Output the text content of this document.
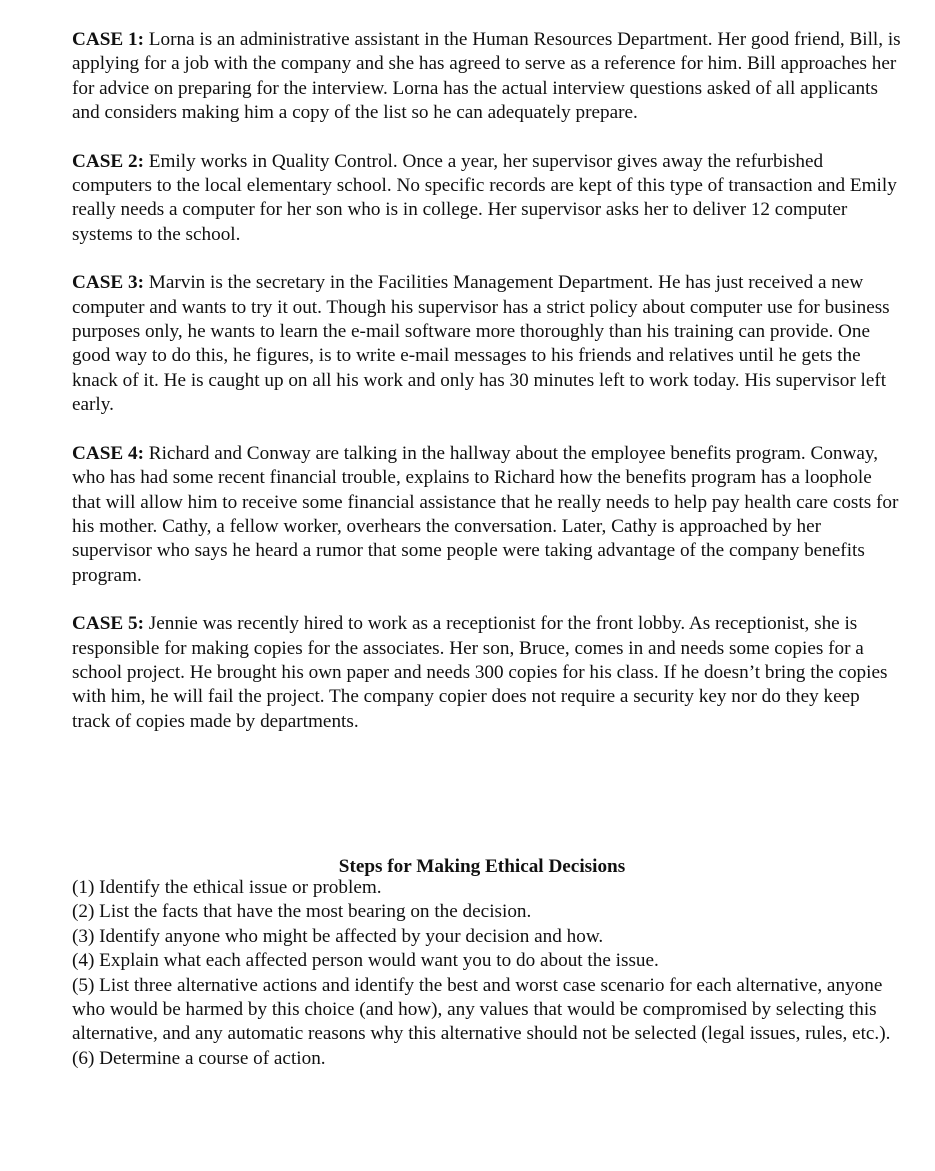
CASE 1: Lorna is an administrative assistant in the Human Resources Department. Her good friend, Bill, is applying for a job with the company and she has agreed to serve as a reference for him. Bill approaches her for advice on preparing for the interview. Lorna has the actual interview questions asked of all applicants and considers making him a copy of the list so he can adequately prepare.

CASE 2: Emily works in Quality Control. Once a year, her supervisor gives away the refurbished computers to the local elementary school. No specific records are kept of this type of transaction and Emily really needs a computer for her son who is in college. Her supervisor asks her to deliver 12 computer systems to the school.

CASE 3: Marvin is the secretary in the Facilities Management Department. He has just received a new computer and wants to try it out. Though his supervisor has a strict policy about computer use for business purposes only, he wants to learn the e-mail software more thoroughly than his training can provide. One good way to do this, he figures, is to write e-mail messages to his friends and relatives until he gets the knack of it. He is caught up on all his work and only has 30 minutes left to work today. His supervisor left early.

CASE 4: Richard and Conway are talking in the hallway about the employee benefits program. Conway, who has had some recent financial trouble, explains to Richard how the benefits program has a loophole that will allow him to receive some financial assistance that he really needs to help pay health care costs for his mother. Cathy, a fellow worker, overhears the conversation. Later, Cathy is approached by her supervisor who says he heard a rumor that some people were taking advantage of the company benefits program.

CASE 5: Jennie was recently hired to work as a receptionist for the front lobby. As receptionist, she is responsible for making copies for the associates. Her son, Bruce, comes in and needs some copies for a school project. He brought his own paper and needs 300 copies for his class. If he doesn’t bring the copies with him, he will fail the project. The company copier does not require a security key nor do they keep track of copies made by departments.

Steps for Making Ethical Decisions
(1) Identify the ethical issue or problem.
(2) List the facts that have the most bearing on the decision.
(3) Identify anyone who might be affected by your decision and how.
(4) Explain what each affected person would want you to do about the issue.
(5) List three alternative actions and identify the best and worst case scenario for each alternative, anyone who would be harmed by this choice (and how), any values that would be compromised by selecting this alternative, and any automatic reasons why this alternative should not be selected (legal issues, rules, etc.).
(6) Determine a course of action.
